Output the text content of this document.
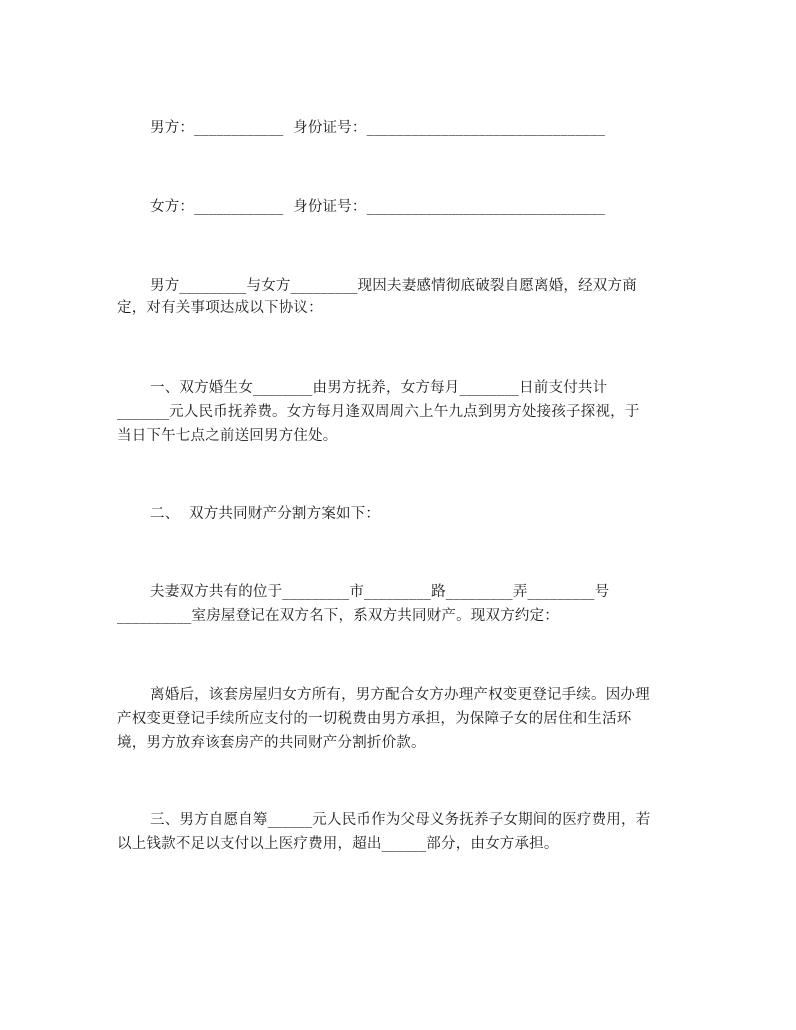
男方：____________  身份证号：________________________________
女方：____________  身份证号：________________________________
男方_________与女方_________现因夫妻感情彻底破裂自愿离婚，经双方商
定，对有关事项达成以下协议：
一、双方婚生女________由男方抚养，女方每月________日前支付共计
_______元人民币抚养费。女方每月逢双周周六上午九点到男方处接孩子探视，于
当日下午七点之前送回男方住处。
二、  双方共同财产分割方案如下：
夫妻双方共有的位于_________市_________路_________弄_________号
__________室房屋登记在双方名下，系双方共同财产。现双方约定：
离婚后，该套房屋归女方所有，男方配合女方办理产权变更登记手续。因办理
产权变更登记手续所应支付的一切税费由男方承担，为保障子女的居住和生活环
境，男方放弃该套房产的共同财产分割折价款。
三、男方自愿自筹______元人民币作为父母义务抚养子女期间的医疗费用，若
以上钱款不足以支付以上医疗费用，超出______部分，由女方承担。
